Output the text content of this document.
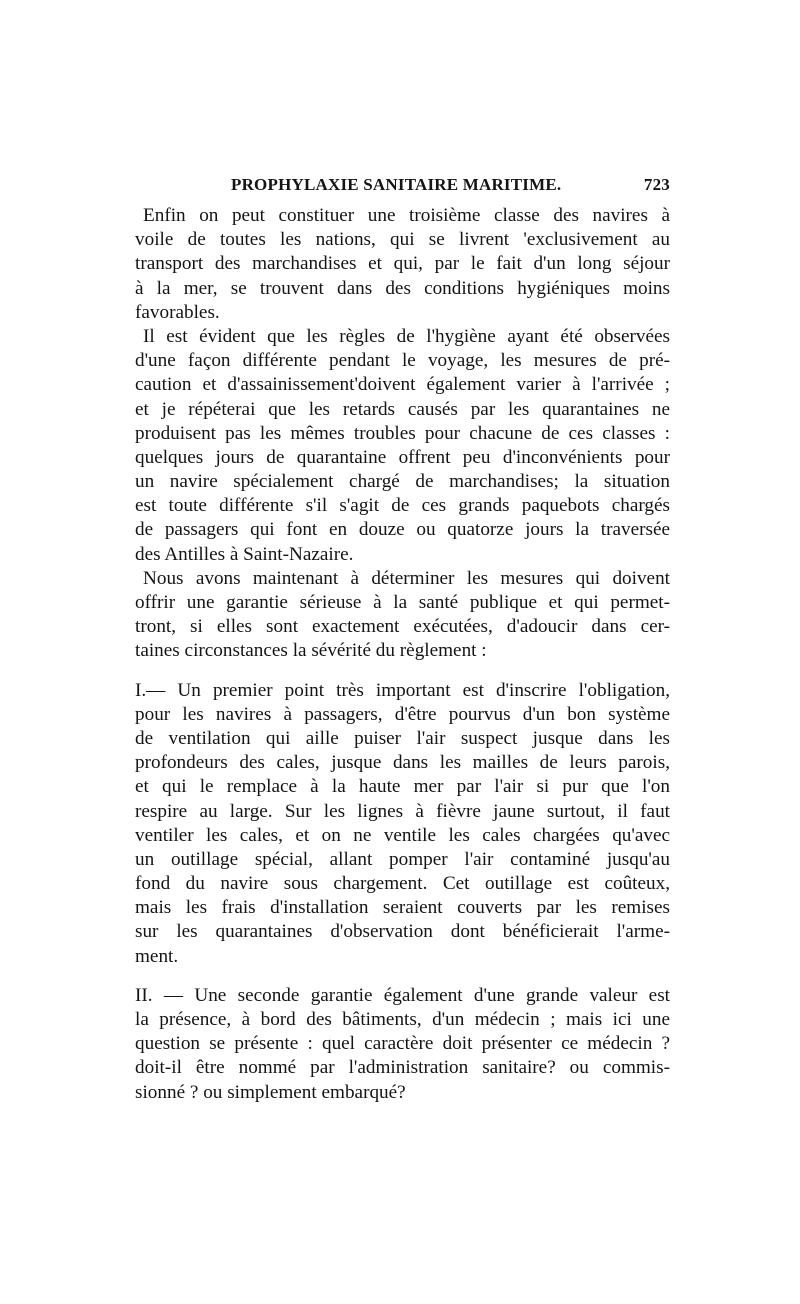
PROPHYLAXIE SANITAIRE MARITIME.	723
Enfin on peut constituer une troisième classe des navires à
voile de toutes les nations, qui se livrent 'exclusivement au
transport des marchandises et qui, par le fait d'un long séjour
à la mer, se trouvent dans des conditions hygiéniques moins
favorables.
Il est évident que les règles de l'hygiène ayant été observées
d'une façon différente pendant le voyage, les mesures de pré-
caution et d'assainissement'doivent également varier à l'arrivée ;
et je répéterai que les retards causés par les quarantaines ne
produisent pas les mêmes troubles pour chacune de ces classes :
quelques jours de quarantaine offrent peu d'inconvénients pour
un navire spécialement chargé de marchandises; la situation
est toute différente s'il s'agit de ces grands paquebots chargés
de passagers qui font en douze ou quatorze jours la traversée
des Antilles à Saint-Nazaire.
Nous avons maintenant à déterminer les mesures qui doivent
offrir une garantie sérieuse à la santé publique et qui permet-
tront, si elles sont exactement exécutées, d'adoucir dans cer-
taines circonstances la sévérité du règlement :
I.— Un premier point très important est d'inscrire l'obligation,
pour les navires à passagers, d'être pourvus d'un bon système
de ventilation qui aille puiser l'air suspect jusque dans les
profondeurs des cales, jusque dans les mailles de leurs parois,
et qui le remplace à la haute mer par l'air si pur que l'on
respire au large. Sur les lignes à fièvre jaune surtout, il faut
ventiler les cales, et on ne ventile les cales chargées qu'avec
un outillage spécial, allant pomper l'air contaminé jusqu'au
fond du navire sous chargement. Cet outillage est coûteux,
mais les frais d'installation seraient couverts par les remises
sur les quarantaines d'observation dont bénéficierait l'arme-
ment.
II. — Une seconde garantie également d'une grande valeur est
la présence, à bord des bâtiments, d'un médecin ; mais ici une
question se présente : quel caractère doit présenter ce médecin ?
doit-il être nommé par l'administration sanitaire? ou commis-
sionné ? ou simplement embarqué?
